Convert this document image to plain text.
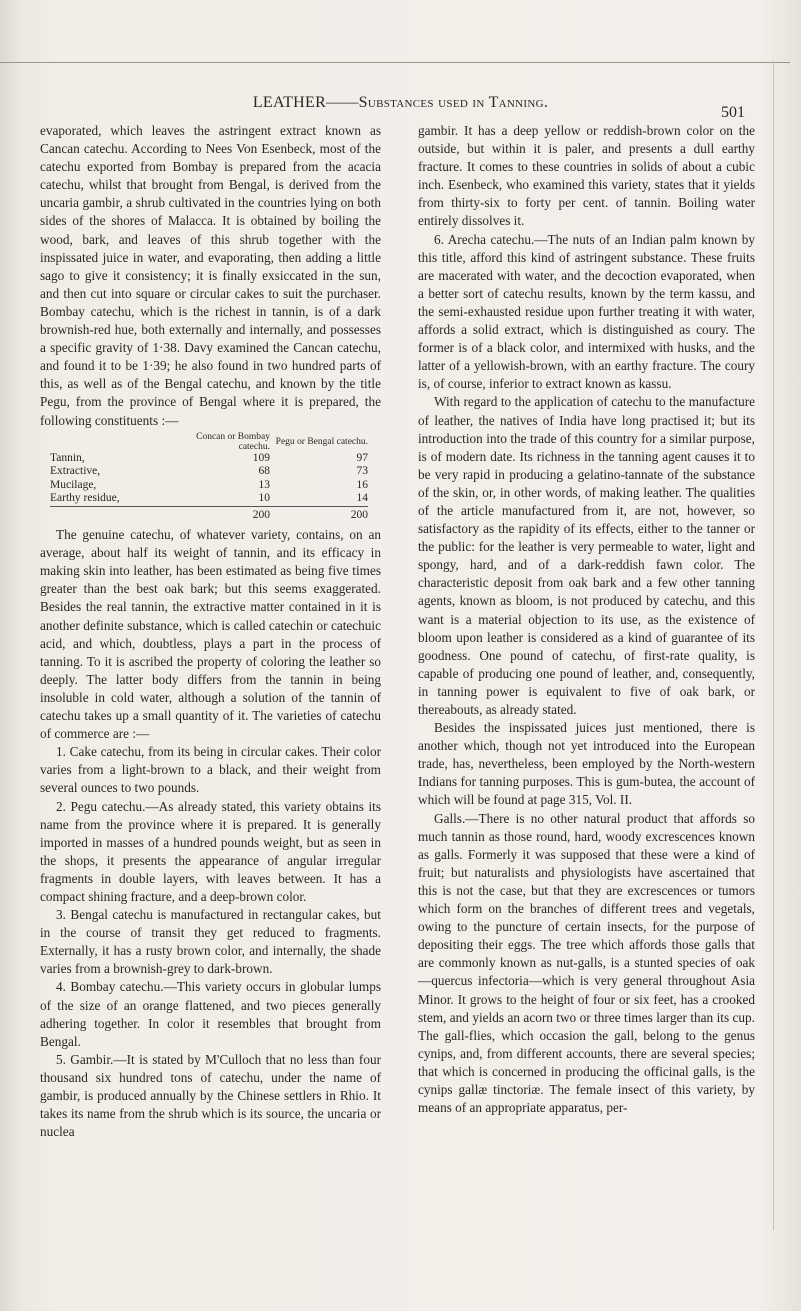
LEATHER——Substances used in Tanning.
501

evaporated, which leaves the astringent extract known as Cancan catechu. According to Nees Von Esenbeck, most of the catechu exported from Bombay is prepared from the acacia catechu, whilst that brought from Bengal, is derived from the uncaria gambir, a shrub cultivated in the countries lying on both sides of the shores of Malacca. It is obtained by boiling the wood, bark, and leaves of this shrub together with the inspissated juice in water, and evaporating, then adding a little sago to give it consistency; it is finally exsiccated in the sun, and then cut into square or circular cakes to suit the purchaser. Bombay catechu, which is the richest in tannin, is of a dark brownish-red hue, both externally and internally, and possesses a specific gravity of 1·38. Davy examined the Cancan catechu, and found it to be 1·39; he also found in two hundred parts of this, as well as of the Bengal catechu, and known by the title Pegu, from the province of Bengal where it is prepared, the following constituents :—

	Concan or Bombay catechu.	Pegu or Bengal catechu.
Tannin,	109	97
Extractive,	68	73
Mucilage,	13	16
Earthy residue,	10	14
	200	200

The genuine catechu, of whatever variety, contains, on an average, about half its weight of tannin, and its efficacy in making skin into leather, has been estimated as being five times greater than the best oak bark; but this seems exaggerated. Besides the real tannin, the extractive matter contained in it is another definite substance, which is called catechin or catechuic acid, and which, doubtless, plays a part in the process of tanning. To it is ascribed the property of coloring the leather so deeply. The latter body differs from the tannin in being insoluble in cold water, although a solution of the tannin of catechu takes up a small quantity of it. The varieties of catechu of commerce are :—

1. Cake catechu, from its being in circular cakes. Their color varies from a light-brown to a black, and their weight from several ounces to two pounds.

2. Pegu catechu.—As already stated, this variety obtains its name from the province where it is prepared. It is generally imported in masses of a hundred pounds weight, but as seen in the shops, it presents the appearance of angular irregular fragments in double layers, with leaves between. It has a compact shining fracture, and a deep-brown color.

3. Bengal catechu is manufactured in rectangular cakes, but in the course of transit they get reduced to fragments. Externally, it has a rusty brown color, and internally, the shade varies from a brownish-grey to dark-brown.

4. Bombay catechu.—This variety occurs in globular lumps of the size of an orange flattened, and two pieces generally adhering together. In color it resembles that brought from Bengal.

5. Gambir.—It is stated by M'Culloch that no less than four thousand six hundred tons of catechu, under the name of gambir, is produced annually by the Chinese settlers in Rhio. It takes its name from the shrub which is its source, the uncaria or nuclea

gambir. It has a deep yellow or reddish-brown color on the outside, but within it is paler, and presents a dull earthy fracture. It comes to these countries in solids of about a cubic inch. Esenbeck, who examined this variety, states that it yields from thirty-six to forty per cent. of tannin. Boiling water entirely dissolves it.

6. Arecha catechu.—The nuts of an Indian palm known by this title, afford this kind of astringent substance. These fruits are macerated with water, and the decoction evaporated, when a better sort of catechu results, known by the term kassu, and the semi-exhausted residue upon further treating it with water, affords a solid extract, which is distinguished as coury. The former is of a black color, and intermixed with husks, and the latter of a yellowish-brown, with an earthy fracture. The coury is, of course, inferior to extract known as kassu.

With regard to the application of catechu to the manufacture of leather, the natives of India have long practised it; but its introduction into the trade of this country for a similar purpose, is of modern date. Its richness in the tanning agent causes it to be very rapid in producing a gelatino-tannate of the substance of the skin, or, in other words, of making leather. The qualities of the article manufactured from it, are not, however, so satisfactory as the rapidity of its effects, either to the tanner or the public: for the leather is very permeable to water, light and spongy, hard, and of a dark-reddish fawn color. The characteristic deposit from oak bark and a few other tanning agents, known as bloom, is not produced by catechu, and this want is a material objection to its use, as the existence of bloom upon leather is considered as a kind of guarantee of its goodness. One pound of catechu, of first-rate quality, is capable of producing one pound of leather, and, consequently, in tanning power is equivalent to five of oak bark, or thereabouts, as already stated.

Besides the inspissated juices just mentioned, there is another which, though not yet introduced into the European trade, has, nevertheless, been employed by the North-western Indians for tanning purposes. This is gum-butea, the account of which will be found at page 315, Vol. II.

Galls.—There is no other natural product that affords so much tannin as those round, hard, woody excrescences known as galls. Formerly it was supposed that these were a kind of fruit; but naturalists and physiologists have ascertained that this is not the case, but that they are excrescences or tumors which form on the branches of different trees and vegetals, owing to the puncture of certain insects, for the purpose of depositing their eggs. The tree which affords those galls that are commonly known as nut-galls, is a stunted species of oak—quercus infectoria—which is very general throughout Asia Minor. It grows to the height of four or six feet, has a crooked stem, and yields an acorn two or three times larger than its cup. The gall-flies, which occasion the gall, belong to the genus cynips, and, from different accounts, there are several species; that which is concerned in producing the officinal galls, is the cynips gallæ tinctoriæ. The female insect of this variety, by means of an appropriate apparatus, per-
